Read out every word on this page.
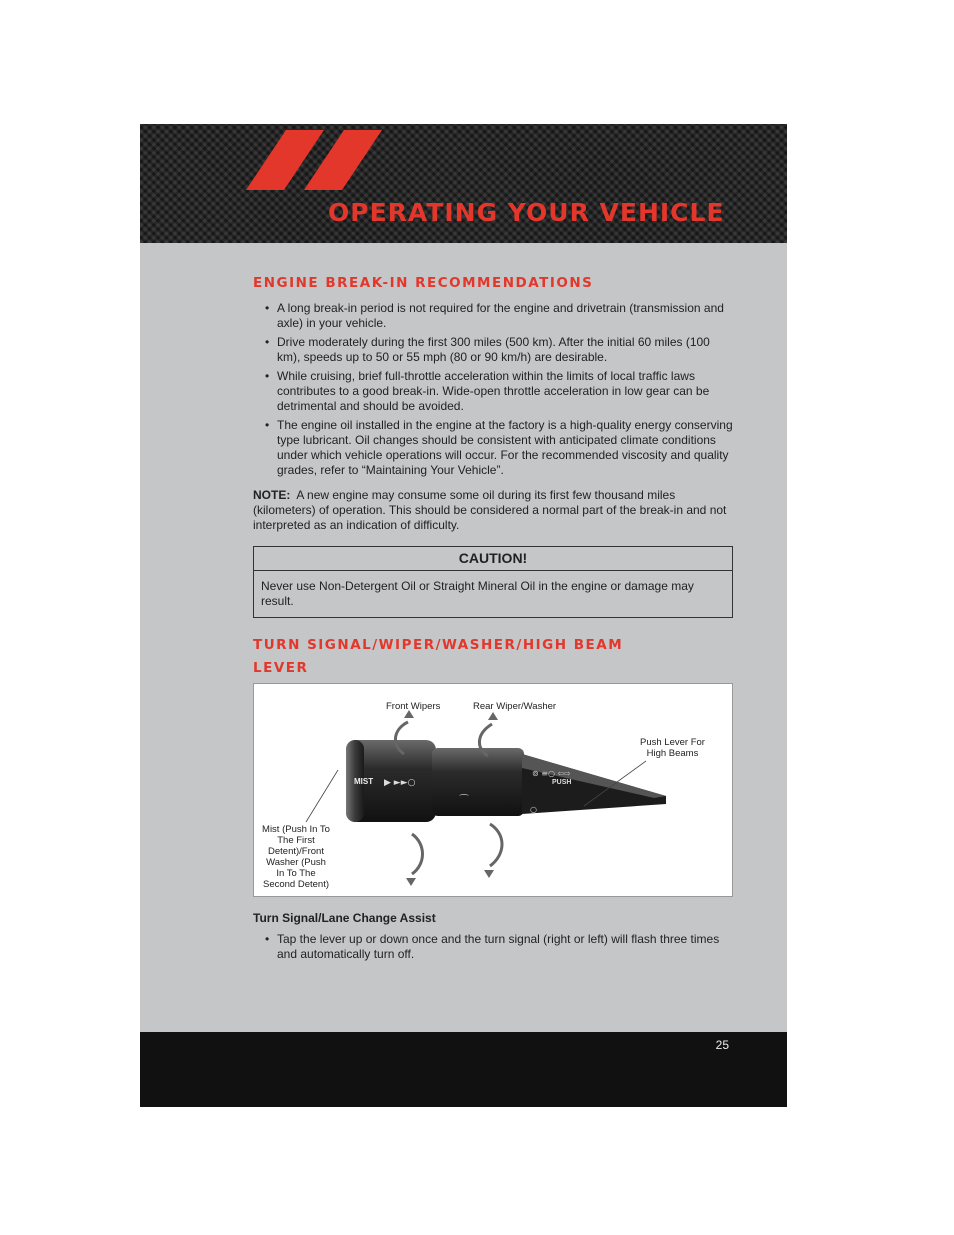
OPERATING YOUR VEHICLE
ENGINE BREAK-IN RECOMMENDATIONS
• A long break-in period is not required for the engine and drivetrain (transmission and axle) in your vehicle.
• Drive moderately during the first 300 miles (500 km). After the initial 60 miles (100 km), speeds up to 50 or 55 mph (80 or 90 km/h) are desirable.
• While cruising, brief full-throttle acceleration within the limits of local traffic laws contributes to a good break-in. Wide-open throttle acceleration in low gear can be detrimental and should be avoided.
• The engine oil installed in the engine at the factory is a high-quality energy conserving type lubricant. Oil changes should be consistent with anticipated climate conditions under which vehicle operations will occur. For the recommended viscosity and quality grades, refer to “Maintaining Your Vehicle”.
NOTE: A new engine may consume some oil during its first few thousand miles (kilometers) of operation. This should be considered a normal part of the break-in and not interpreted as an indication of difficulty.
CAUTION!
Never use Non-Detergent Oil or Straight Mineral Oil in the engine or damage may result.
TURN SIGNAL/WIPER/WASHER/HIGH BEAM
LEVER
MIST ▶ ►►○
⌒
PUSH
⊚ ≡○ ⇦⇨
○
Front Wipers	Rear Wiper/Washer
Push Lever For
High Beams
Mist (Push In To
The First
Detent)/Front
Washer (Push
In To The
Second Detent)
Turn Signal/Lane Change Assist
• Tap the lever up or down once and the turn signal (right or left) will flash three times and automatically turn off.
25
